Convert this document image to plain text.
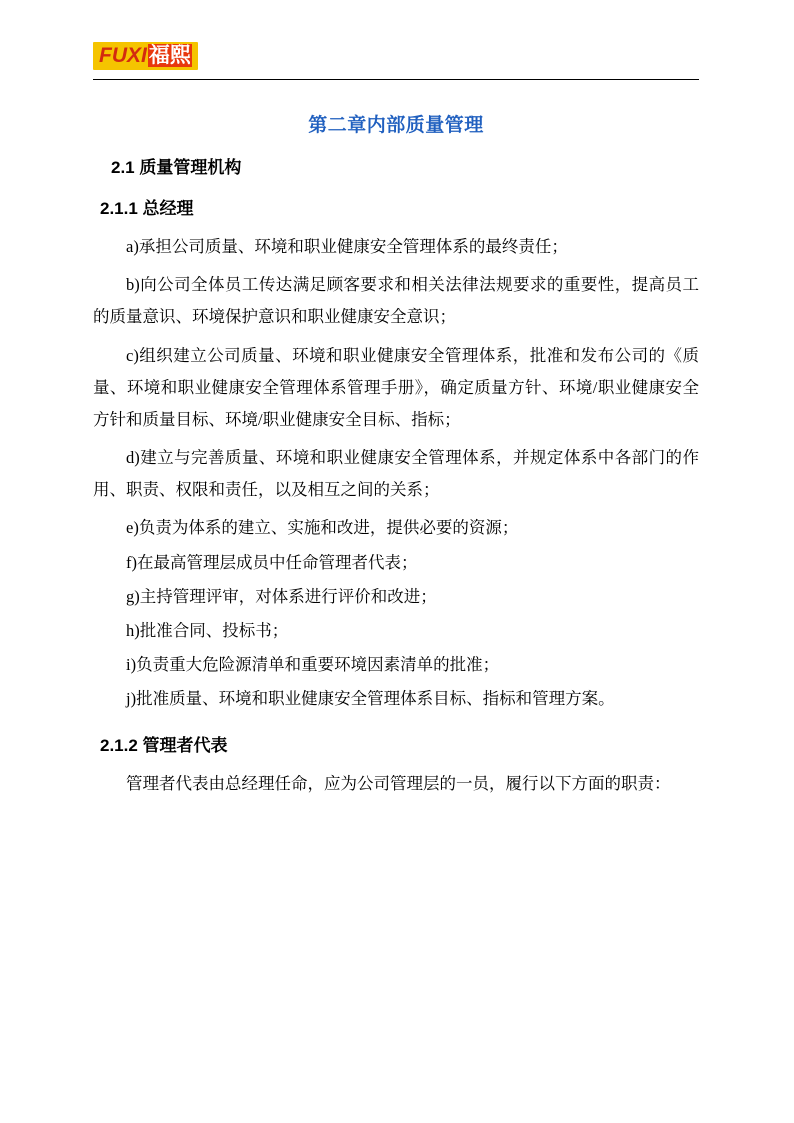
FUXI福熙
第二章内部质量管理
2.1 质量管理机构
2.1.1 总经理

a)承担公司质量、环境和职业健康安全管理体系的最终责任；

b)向公司全体员工传达满足顾客要求和相关法律法规要求的重要性，提高员工的质量意识、环境保护意识和职业健康安全意识；

c)组织建立公司质量、环境和职业健康安全管理体系，批准和发布公司的《质量、环境和职业健康安全管理体系管理手册》，确定质量方针、环境/职业健康安全方针和质量目标、环境/职业健康安全目标、指标；

d)建立与完善质量、环境和职业健康安全管理体系，并规定体系中各部门的作用、职责、权限和责任，以及相互之间的关系；

e)负责为体系的建立、实施和改进，提供必要的资源；

f)在最高管理层成员中任命管理者代表；

g)主持管理评审，对体系进行评价和改进；

h)批准合同、投标书；

i)负责重大危险源清单和重要环境因素清单的批准；

j)批准质量、环境和职业健康安全管理体系目标、指标和管理方案。

2.1.2 管理者代表

管理者代表由总经理任命，应为公司管理层的一员，履行以下方面的职责：
